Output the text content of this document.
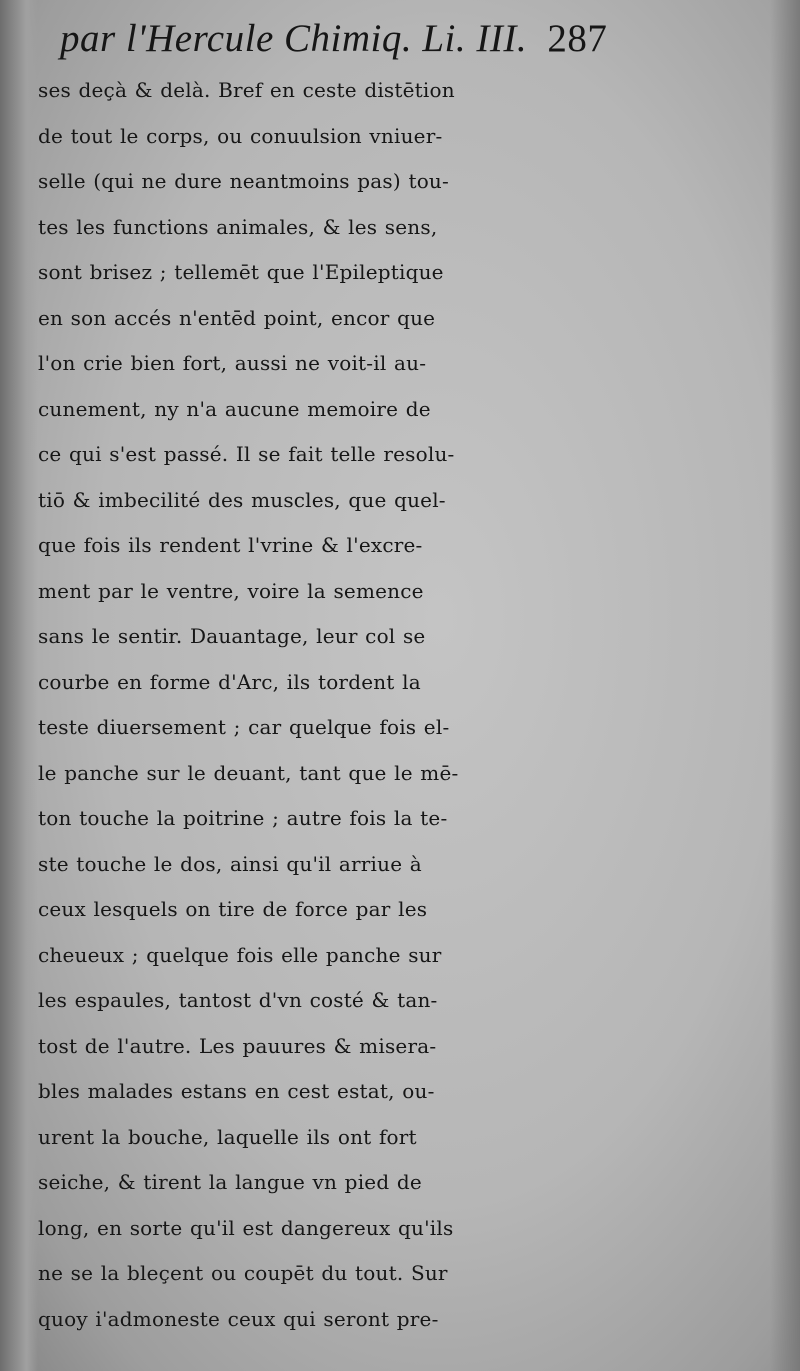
par l'Hercule Chimiq. Li. III. 287
ses deçà & delà. Bref en ceste distētion
de tout le corps, ou conuulsion vniuer-
selle (qui ne dure neantmoins pas) tou-
tes les functions animales, & les sens,
sont brisez ; tellemēt que l'Epileptique
en son accés n'entēd point, encor que
l'on crie bien fort, aussi ne voit-il au-
cunement, ny n'a aucune memoire de
ce qui s'est passé. Il se fait telle resolu-
tiō & imbecilité des muscles, que quel-
que fois ils rendent l'vrine & l'excre-
ment par le ventre, voire la semence
sans le sentir. Dauantage, leur col se
courbe en forme d'Arc, ils tordent la
teste diuersement ; car quelque fois el-
le panche sur le deuant, tant que le mē-
ton touche la poitrine ; autre fois la te-
ste touche le dos, ainsi qu'il arriue à
ceux lesquels on tire de force par les
cheueux ; quelque fois elle panche sur
les espaules, tantost d'vn costé & tan-
tost de l'autre. Les pauures & misera-
bles malades estans en cest estat, ou-
urent la bouche, laquelle ils ont fort
seiche, & tirent la langue vn pied de
long, en sorte qu'il est dangereux qu'ils
ne se la bleçent ou coupēt du tout. Sur
quoy i'admoneste ceux qui seront pre-
